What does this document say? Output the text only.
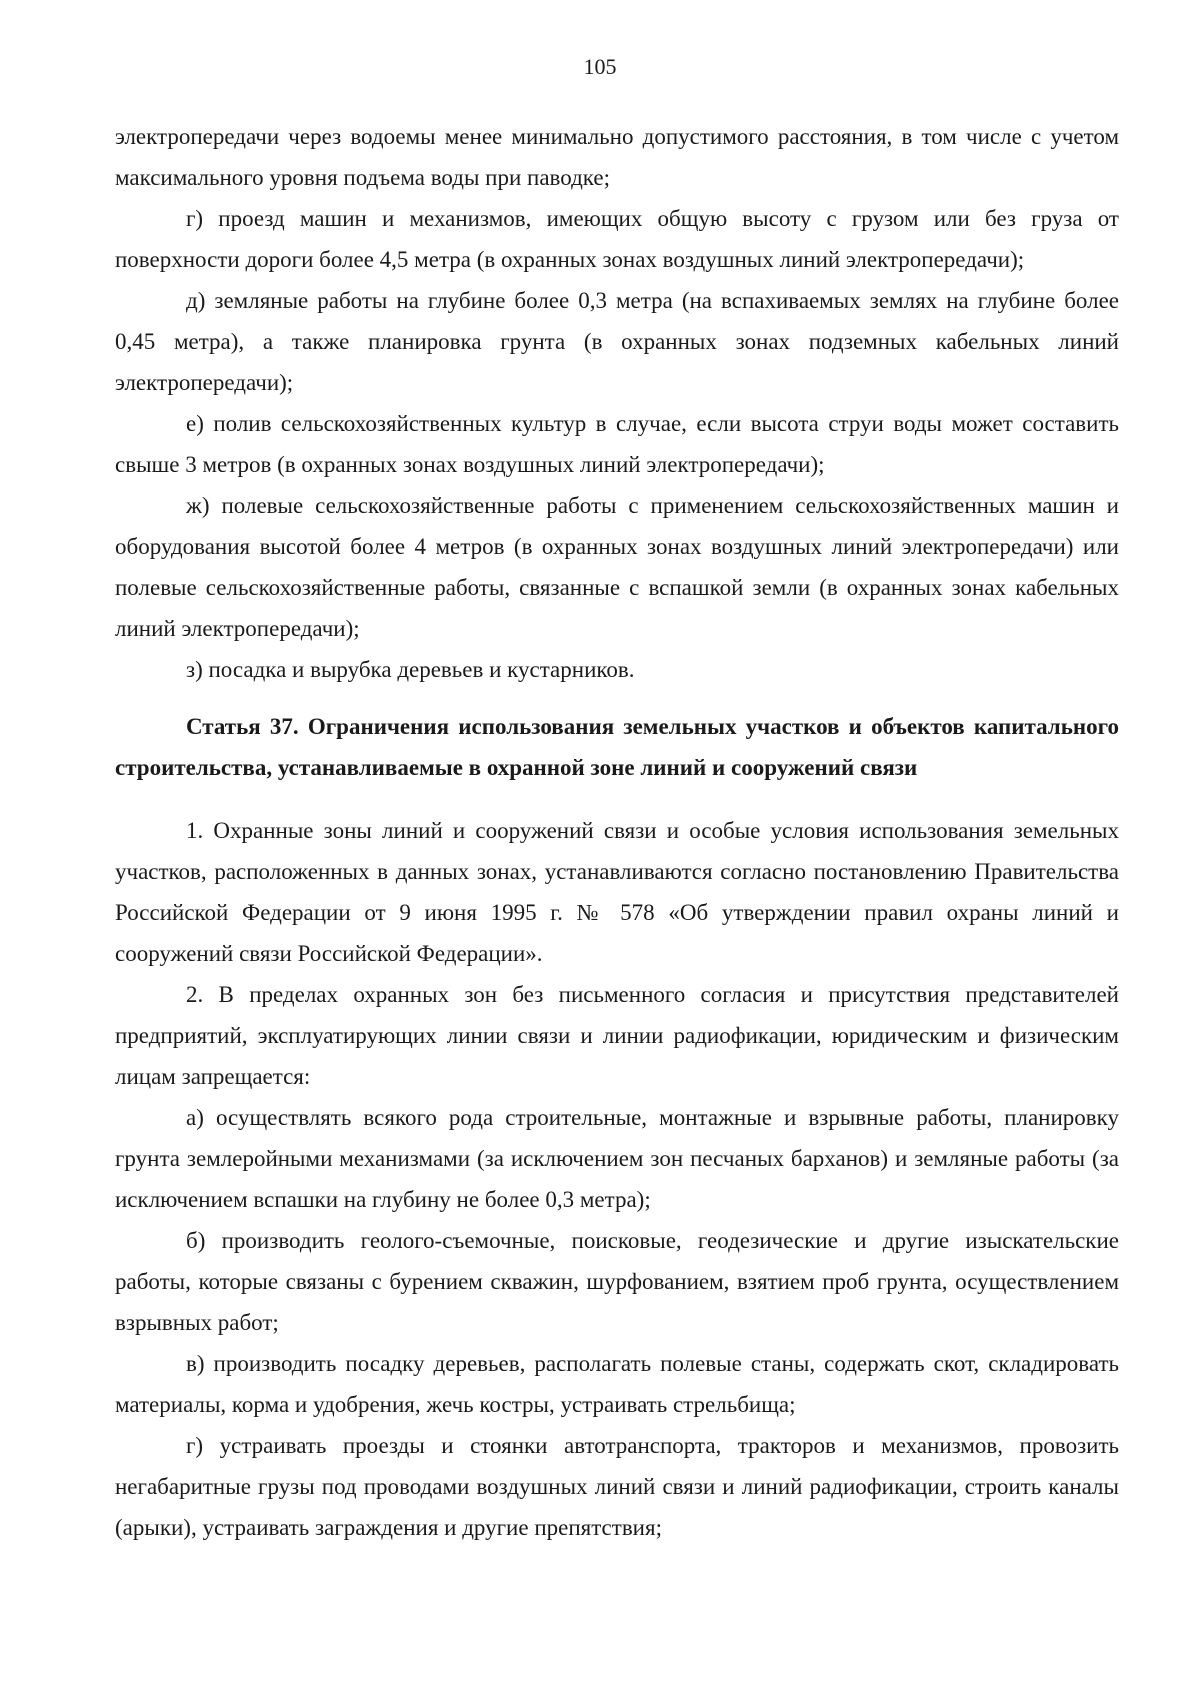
105

электропередачи через водоемы менее минимально допустимого расстояния, в том числе с учетом максимального уровня подъема воды при паводке;

г) проезд машин и механизмов, имеющих общую высоту с грузом или без груза от поверхности дороги более 4,5 метра (в охранных зонах воздушных линий электропередачи);

д) земляные работы на глубине более 0,3 метра (на вспахиваемых землях на глубине более 0,45 метра), а также планировка грунта (в охранных зонах подземных кабельных линий электропередачи);

е) полив сельскохозяйственных культур в случае, если высота струи воды может составить свыше 3 метров (в охранных зонах воздушных линий электропередачи);

ж) полевые сельскохозяйственные работы с применением сельскохозяйственных машин и оборудования высотой более 4 метров (в охранных зонах воздушных линий электропередачи) или полевые сельскохозяйственные работы, связанные с вспашкой земли (в охранных зонах кабельных линий электропередачи);

з) посадка и вырубка деревьев и кустарников.

Статья 37. Ограничения использования земельных участков и объектов капитального строительства, устанавливаемые в охранной зоне линий и сооружений связи

1. Охранные зоны линий и сооружений связи и особые условия использования земельных участков, расположенных в данных зонах, устанавливаются согласно постановлению Правительства Российской Федерации от 9 июня 1995 г. № 578 «Об утверждении правил охраны линий и сооружений связи Российской Федерации».

2. В пределах охранных зон без письменного согласия и присутствия представителей предприятий, эксплуатирующих линии связи и линии радиофикации, юридическим и физическим лицам запрещается:

а) осуществлять всякого рода строительные, монтажные и взрывные работы, планировку грунта землеройными механизмами (за исключением зон песчаных барханов) и земляные работы (за исключением вспашки на глубину не более 0,3 метра);

б) производить геолого-съемочные, поисковые, геодезические и другие изыскательские работы, которые связаны с бурением скважин, шурфованием, взятием проб грунта, осуществлением взрывных работ;

в) производить посадку деревьев, располагать полевые станы, содержать скот, складировать материалы, корма и удобрения, жечь костры, устраивать стрельбища;

г) устраивать проезды и стоянки автотранспорта, тракторов и механизмов, провозить негабаритные грузы под проводами воздушных линий связи и линий радиофикации, строить каналы (арыки), устраивать заграждения и другие препятствия;
